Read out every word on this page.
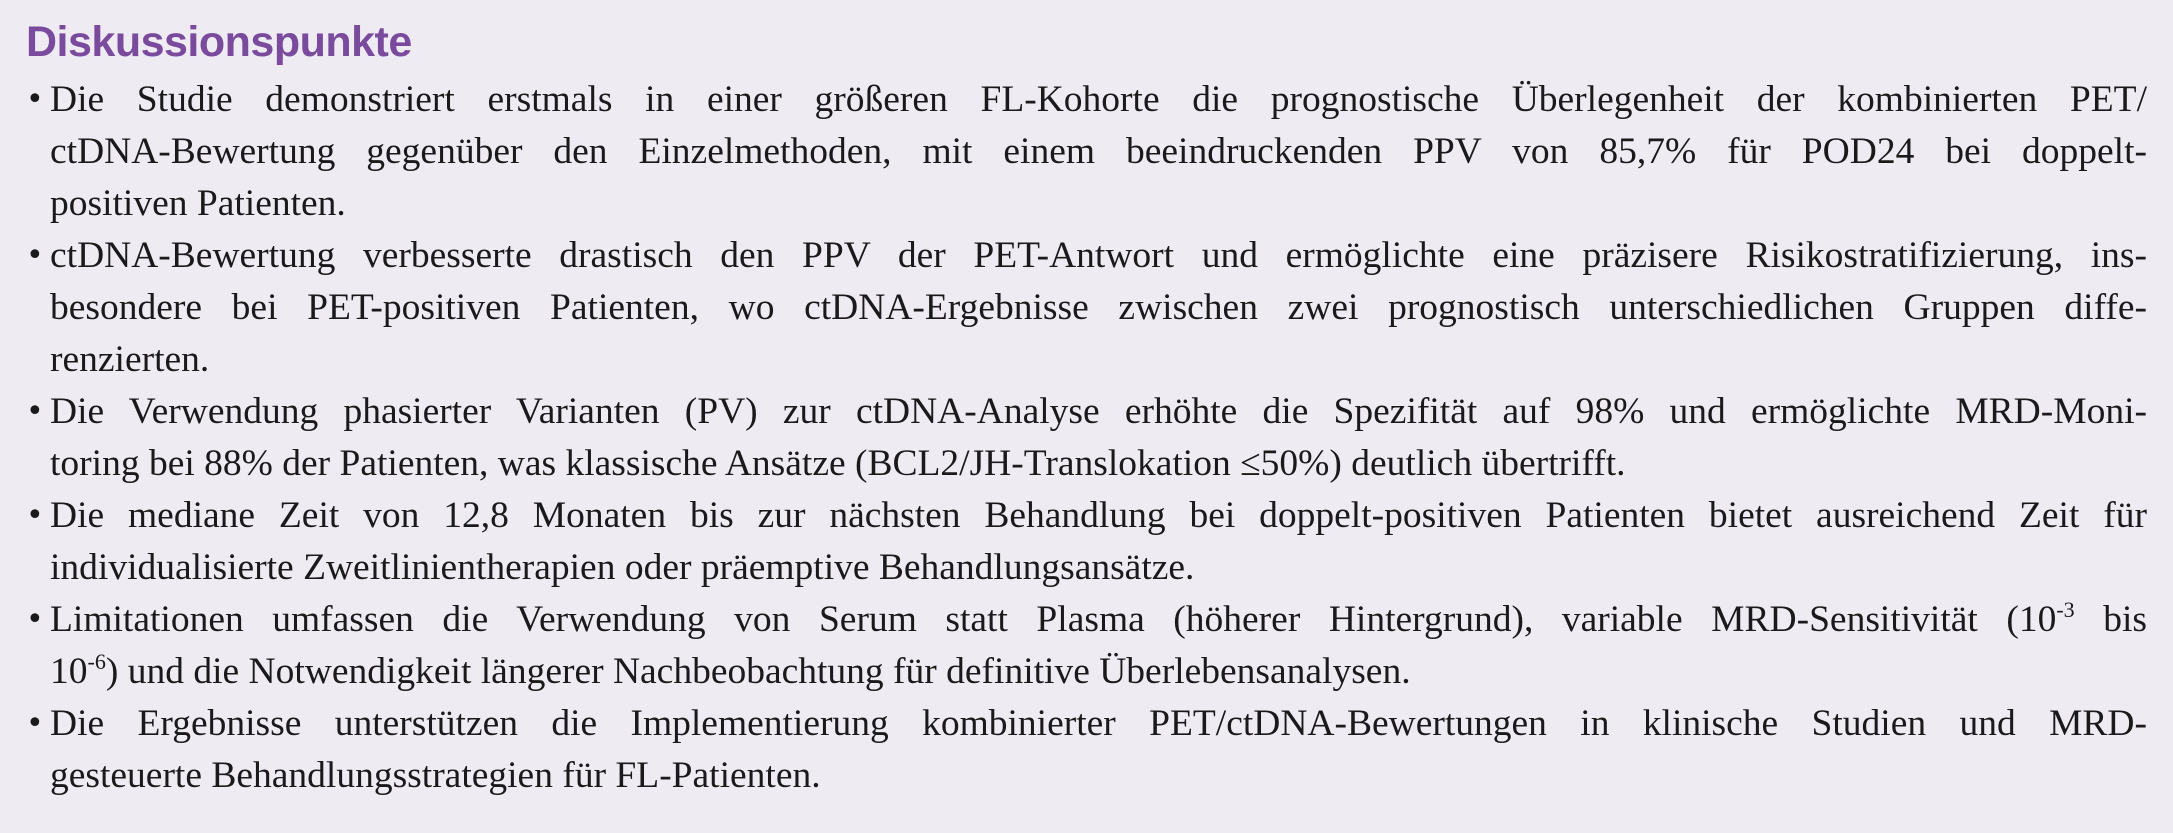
Diskussionspunkte
• Die Studie demonstriert erstmals in einer größeren FL-Kohorte die prognostische Überlegenheit der kombinierten PET/
ctDNA-Bewertung gegenüber den Einzelmethoden, mit einem beeindruckenden PPV von 85,7% für POD24 bei doppelt-
positiven Patienten.
• ctDNA-Bewertung verbesserte drastisch den PPV der PET-Antwort und ermöglichte eine präzisere Risikostratifizierung, ins-
besondere bei PET-positiven Patienten, wo ctDNA-Ergebnisse zwischen zwei prognostisch unterschiedlichen Gruppen diffe-
renzierten.
• Die Verwendung phasierter Varianten (PV) zur ctDNA-Analyse erhöhte die Spezifität auf 98% und ermöglichte MRD-Moni-
toring bei 88% der Patienten, was klassische Ansätze (BCL2/JH-Translokation ≤50%) deutlich übertrifft.
• Die mediane Zeit von 12,8 Monaten bis zur nächsten Behandlung bei doppelt-positiven Patienten bietet ausreichend Zeit für
individualisierte Zweitlinientherapien oder präemptive Behandlungsansätze.
• Limitationen umfassen die Verwendung von Serum statt Plasma (höherer Hintergrund), variable MRD-Sensitivität ($10^{-3}$ bis
$10^{-6}$) und die Notwendigkeit längerer Nachbeobachtung für definitive Überlebensanalysen.
• Die Ergebnisse unterstützen die Implementierung kombinierter PET/ctDNA-Bewertungen in klinische Studien und MRD-
gesteuerte Behandlungsstrategien für FL-Patienten.
